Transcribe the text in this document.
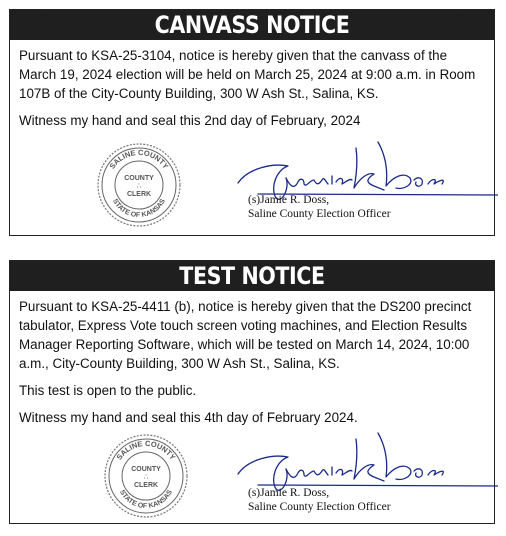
CANVASS NOTICE

Pursuant to KSA-25-3104, notice is hereby given that the canvass of the March 19, 2024 election will be held on March 25, 2024 at 9:00 a.m. in Room 107B of the City-County Building, 300 W Ash St., Salina, KS.

Witness my hand and seal this 2nd day of February, 2024

SALINE COUNTY
STATE OF KANSAS
COUNTY
∴
CLERK	(s)Jamie R. Doss,
Saline County Election Officer
TEST NOTICE

Pursuant to KSA-25-4411 (b), notice is hereby given that the DS200 precinct tabulator, Express Vote touch screen voting machines, and Election Results Manager Reporting Software, which will be tested on March 14, 2024, 10:00 a.m., City-County Building, 300 W Ash St., Salina, KS.

This test is open to the public.

Witness my hand and seal this 4th day of February 2024.

SALINE COUNTY
STATE OF KANSAS
COUNTY
∴
CLERK
(s)Jamie R. Doss,
Saline County Election Officer
